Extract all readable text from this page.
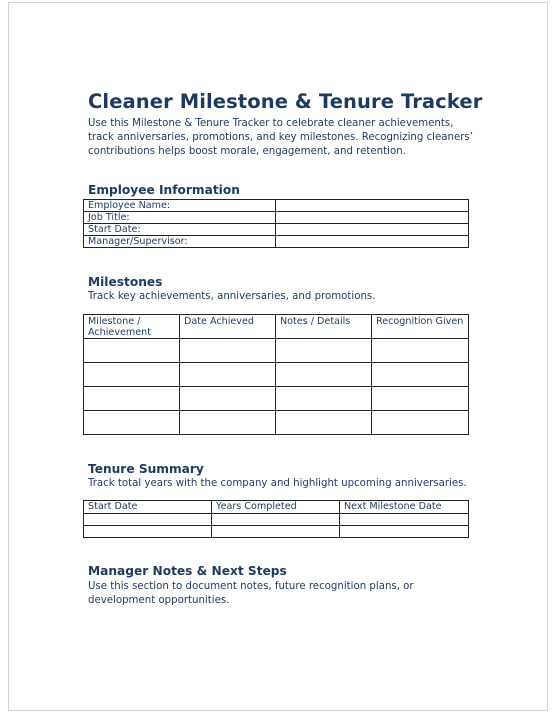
Cleaner Milestone & Tenure Tracker
Use this Milestone & Tenure Tracker to celebrate cleaner achievements, track anniversaries, promotions, and key milestones. Recognizing cleaners’ contributions helps boost morale, engagement, and retention.
Employee Information
Employee Name:	
Job Title:	
Start Date:	
Manager/Supervisor:	
Milestones
Track key achievements, anniversaries, and promotions.
Milestone / Achievement	Date Achieved	Notes / Details	Recognition Given

Tenure Summary
Track total years with the company and highlight upcoming anniversaries.
Start Date	Years Completed	Next Milestone Date

Manager Notes & Next Steps
Use this section to document notes, future recognition plans, or development opportunities.
